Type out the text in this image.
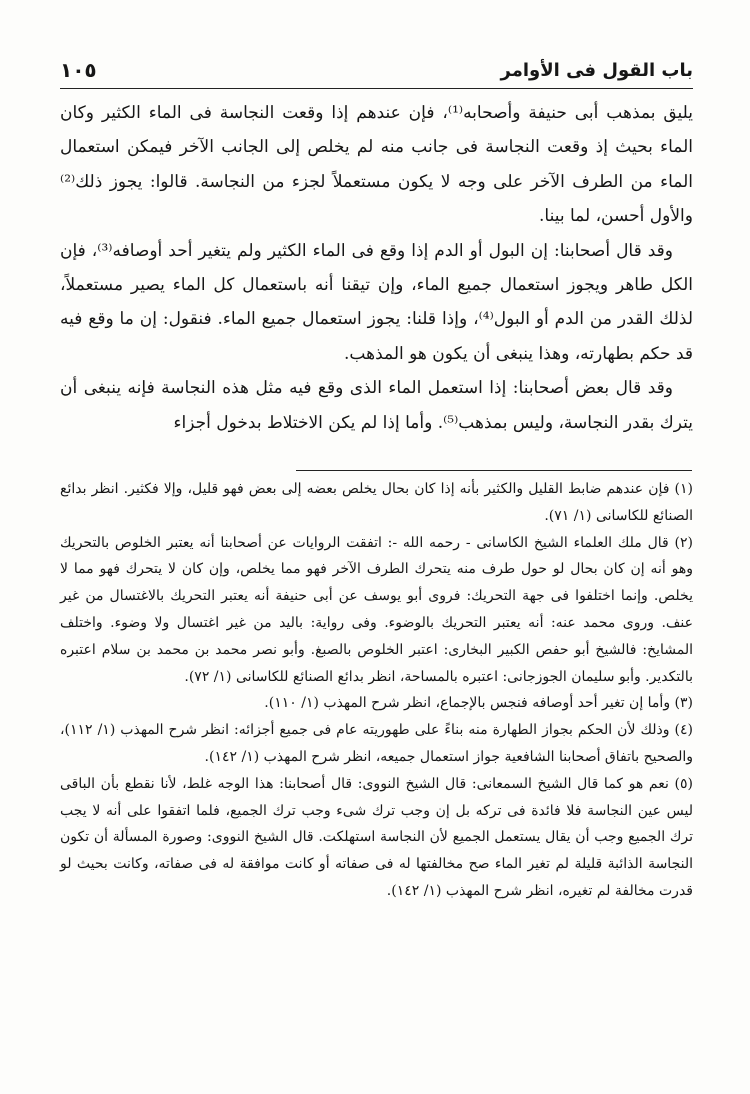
باب القول فى الأوامر
١٠٥

يليق بمذهب أبى حنيفة وأصحابه⁽¹⁾، فإن عندهم إذا وقعت النجاسة فى الماء الكثير وكان الماء بحيث إذ وقعت النجاسة فى جانب منه لم يخلص إلى الجانب الآخر فيمكن استعمال الماء من الطرف الآخر على وجه لا يكون مستعملاً لجزء من النجاسة. قالوا: يجوز ذلك⁽²⁾ والأول أحسن، لما بينا.

وقد قال أصحابنا: إن البول أو الدم إذا وقع فى الماء الكثير ولم يتغير أحد أوصافه⁽³⁾، فإن الكل طاهر ويجوز استعمال جميع الماء، وإن تيقنا أنه باستعمال كل الماء يصير مستعملاً، لذلك القدر من الدم أو البول⁽⁴⁾، وإذا قلنا: يجوز استعمال جميع الماء. فنقول: إن ما وقع فيه قد حكم بطهارته، وهذا ينبغى أن يكون هو المذهب.

وقد قال بعض أصحابنا: إذا استعمل الماء الذى وقع فيه مثل هذه النجاسة فإنه ينبغى أن يترك بقدر النجاسة، وليس بمذهب⁽⁵⁾. وأما إذا لم يكن الاختلاط بدخول أجزاء

(١) فإن عندهم ضابط القليل والكثير بأنه إذا كان بحال يخلص بعضه إلى بعض فهو قليل، وإلا فكثير. انظر بدائع الصنائع للكاسانى (١/ ٧١).

(٢) قال ملك العلماء الشيخ الكاسانى - رحمه الله -: اتفقت الروايات عن أصحابنا أنه يعتبر الخلوص بالتحريك وهو أنه إن كان بحال لو حول طرف منه يتحرك الطرف الآخر فهو مما يخلص، وإن كان لا يتحرك فهو مما لا يخلص. وإنما اختلفوا فى جهة التحريك: فروى أبو يوسف عن أبى حنيفة أنه يعتبر التحريك بالاغتسال من غير عنف. وروى محمد عنه: أنه يعتبر التحريك بالوضوء. وفى رواية: باليد من غير اغتسال ولا وضوء. واختلف المشايخ: فالشيخ أبو حفص الكبير البخارى: اعتبر الخلوص بالصبغ. وأبو نصر محمد بن محمد بن سلام اعتبره بالتكدير. وأبو سليمان الجوزجانى: اعتبره بالمساحة، انظر بدائع الصنائع للكاسانى (١/ ٧٢).

(٣) وأما إن تغير أحد أوصافه فنجس بالإجماع، انظر شرح المهذب (١/ ١١٠).

(٤) وذلك لأن الحكم بجواز الطهارة منه بناءً على طهوريته عام فى جميع أجزائه: انظر شرح المهذب (١/ ١١٢)، والصحيح باتفاق أصحابنا الشافعية جواز استعمال جميعه، انظر شرح المهذب (١/ ١٤٢).

(٥) نعم هو كما قال الشيخ السمعانى: قال الشيخ النووى: قال أصحابنا: هذا الوجه غلط، لأنا نقطع بأن الباقى ليس عين النجاسة فلا فائدة فى تركه بل إن وجب ترك شىء وجب ترك الجميع، فلما اتفقوا على أنه لا يجب ترك الجميع وجب أن يقال يستعمل الجميع لأن النجاسة استهلكت. قال الشيخ النووى: وصورة المسألة أن تكون النجاسة الذائبة قليلة لم تغير الماء صح مخالفتها له فى صفاته أو كانت موافقة له فى صفاته، وكانت بحيث لو قدرت مخالفة لم تغيره، انظر شرح المهذب (١/ ١٤٢).
